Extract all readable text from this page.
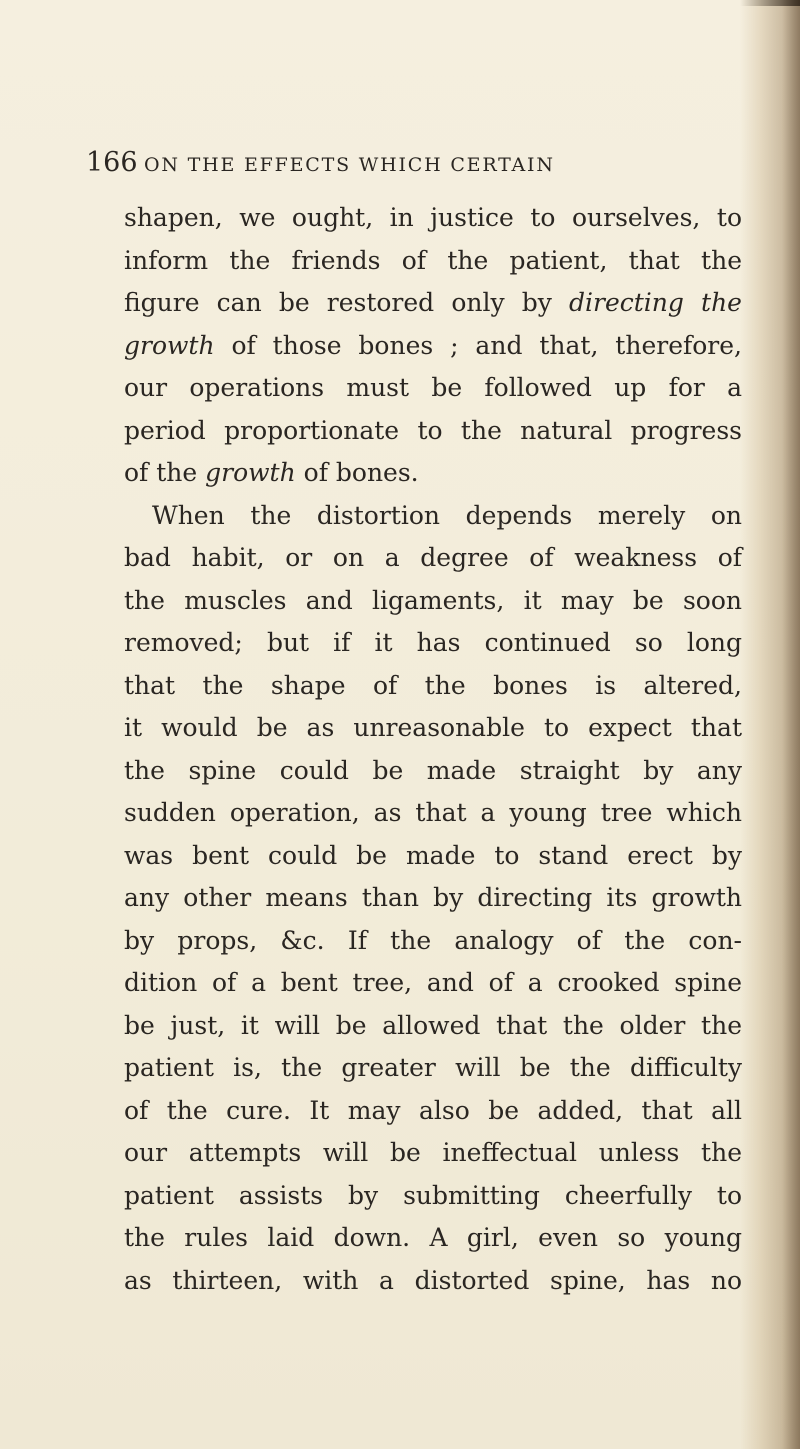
166 ON THE EFFECTS WHICH CERTAIN
shapen, we ought, in justice to ourselves, to
inform the friends of the patient, that the
figure can be restored only by directing the
growth of those bones ; and that, therefore,
our operations must be followed up for a
period proportionate to the natural progress
of the growth of bones.
When the distortion depends merely on
bad habit, or on a degree of weakness of
the muscles and ligaments, it may be soon
removed; but if it has continued so long
that the shape of the bones is altered,
it would be as unreasonable to expect that
the spine could be made straight by any
sudden operation, as that a young tree which
was bent could be made to stand erect by
any other means than by directing its growth
by props, &c. If the analogy of the con-
dition of a bent tree, and of a crooked spine
be just, it will be allowed that the older the
patient is, the greater will be the difficulty
of the cure. It may also be added, that all
our attempts will be ineffectual unless the
patient assists by submitting cheerfully to
the rules laid down. A girl, even so young
as thirteen, with a distorted spine, has no
